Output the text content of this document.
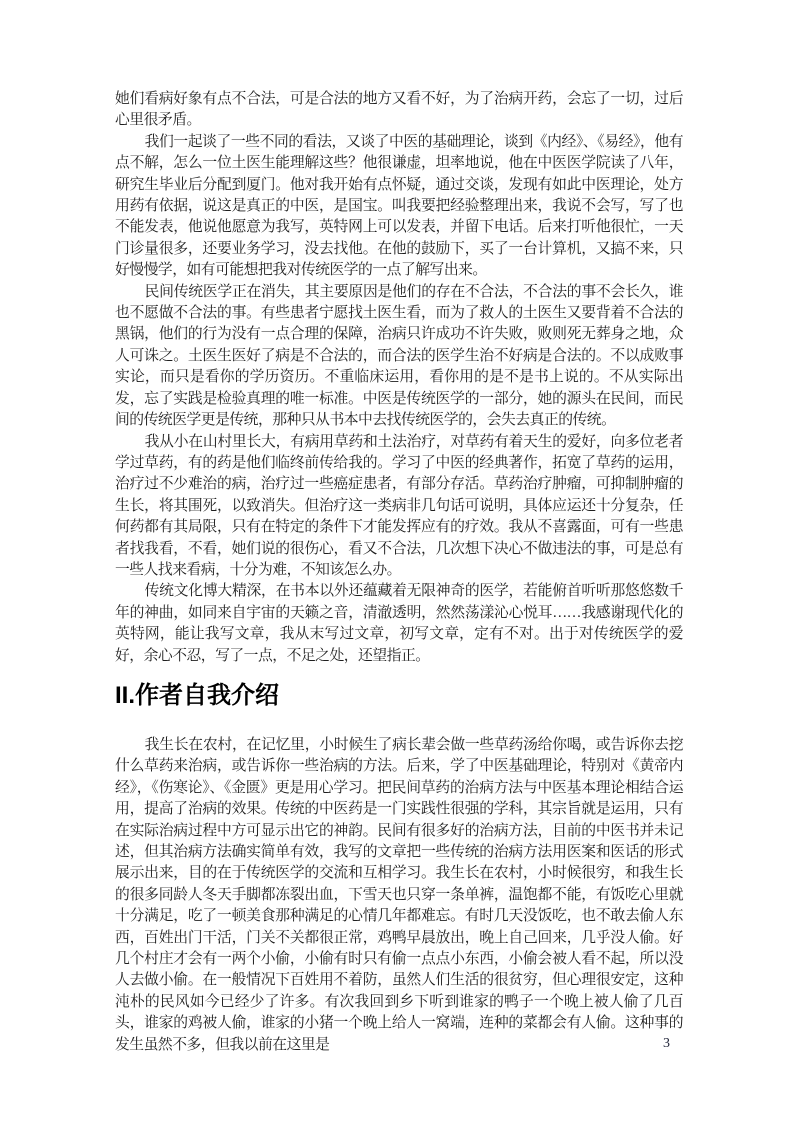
她们看病好象有点不合法，可是合法的地方又看不好，为了治病开药，会忘了一切，过后心里很矛盾。

我们一起谈了一些不同的看法，又谈了中医的基础理论，谈到《内经》、《易经》，他有点不解，怎么一位土医生能理解这些？他很谦虚，坦率地说，他在中医医学院读了八年，研究生毕业后分配到厦门。他对我开始有点怀疑，通过交谈，发现有如此中医理论，处方用药有依据，说这是真正的中医，是国宝。叫我要把经验整理出来，我说不会写，写了也不能发表，他说他愿意为我写，英特网上可以发表，并留下电话。后来打听他很忙，一天门诊量很多，还要业务学习，没去找他。在他的鼓励下，买了一台计算机，又搞不来，只好慢慢学，如有可能想把我对传统医学的一点了解写出来。

民间传统医学正在消失，其主要原因是他们的存在不合法，不合法的事不会长久，谁也不愿做不合法的事。有些患者宁愿找土医生看，而为了救人的土医生又要背着不合法的黑锅，他们的行为没有一点合理的保障，治病只许成功不许失败，败则死无葬身之地，众人可诛之。土医生医好了病是不合法的，而合法的医学生治不好病是合法的。不以成败事实论，而只是看你的学历资历。不重临床运用，看你用的是不是书上说的。不从实际出发，忘了实践是检验真理的唯一标准。中医是传统医学的一部分，她的源头在民间，而民间的传统医学更是传统，那种只从书本中去找传统医学的，会失去真正的传统。

我从小在山村里长大，有病用草药和土法治疗，对草药有着天生的爱好，向多位老者学过草药，有的药是他们临终前传给我的。学习了中医的经典著作，拓宽了草药的运用，治疗过不少难治的病，治疗过一些癌症患者，有部分存活。草药治疗肿瘤，可抑制肿瘤的生长，将其围死，以致消失。但治疗这一类病非几句话可说明，具体应运还十分复杂，任何药都有其局限，只有在特定的条件下才能发挥应有的疗效。我从不喜露面，可有一些患者找我看，不看，她们说的很伤心，看又不合法，几次想下决心不做违法的事，可是总有一些人找来看病，十分为难，不知该怎么办。

传统文化博大精深，在书本以外还蕴藏着无限神奇的医学，若能俯首听听那悠悠数千年的神曲，如同来自宇宙的天籁之音，清澈透明，然然荡漾沁心悦耳……我感谢现代化的英特网，能让我写文章，我从末写过文章，初写文章，定有不对。出于对传统医学的爱好，余心不忍，写了一点，不足之处，还望指正。

II.作者自我介绍

我生长在农村，在记忆里，小时候生了病长辈会做一些草药汤给你喝，或告诉你去挖什么草药来治病，或告诉你一些治病的方法。后来，学了中医基础理论，特别对《黄帝内经》，《伤寒论》、《金匮》更是用心学习。把民间草药的治病方法与中医基本理论相结合运用，提高了治病的效果。传统的中医药是一门实践性很强的学科，其宗旨就是运用，只有在实际治病过程中方可显示出它的神韵。民间有很多好的治病方法，目前的中医书并未记述，但其治病方法确实简单有效，我写的文章把一些传统的治病方法用医案和医话的形式展示出来，目的在于传统医学的交流和互相学习。我生长在农村，小时候很穷，和我生长的很多同龄人冬天手脚都冻裂出血，下雪天也只穿一条单裤，温饱都不能，有饭吃心里就十分满足，吃了一顿美食那种满足的心情几年都难忘。有时几天没饭吃，也不敢去偷人东西，百姓出门干活，门关不关都很正常，鸡鸭早晨放出，晚上自己回来，几乎没人偷。好几个村庄才会有一两个小偷，小偷有时只有偷一点点小东西，小偷会被人看不起，所以没人去做小偷。在一般情况下百姓用不着防，虽然人们生活的很贫穷，但心理很安定，这种沌朴的民风如今已经少了许多。有次我回到乡下听到谁家的鸭子一个晚上被人偷了几百头，谁家的鸡被人偷，谁家的小猪一个晚上给人一窝端，连种的菜都会有人偷。这种事的发生虽然不多，但我以前在这里是	3
